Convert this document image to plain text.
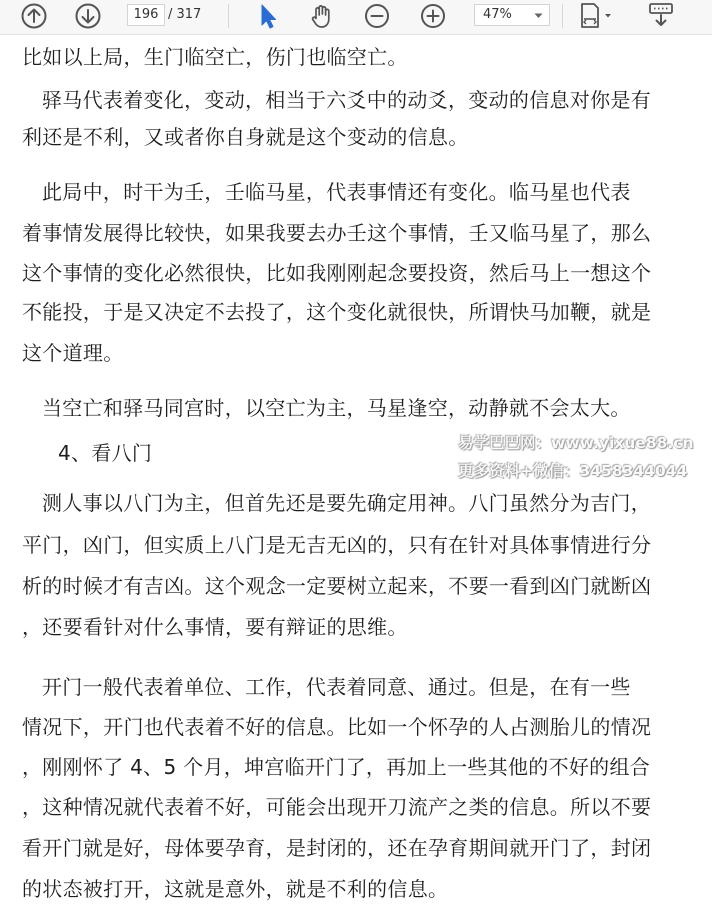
196 / 317	47%
比如以上局，生门临空亡，伤门也临空亡。
驿马代表着变化，变动，相当于六爻中的动爻，变动的信息对你是有
利还是不利，又或者你自身就是这个变动的信息。
此局中，时干为壬，壬临马星，代表事情还有变化。临马星也代表
着事情发展得比较快，如果我要去办壬这个事情，壬又临马星了，那么
这个事情的变化必然很快，比如我刚刚起念要投资，然后马上一想这个
不能投，于是又决定不去投了，这个变化就很快，所谓快马加鞭，就是
这个道理。
当空亡和驿马同宫时，以空亡为主，马星逢空，动静就不会太大。
4、看八门
测人事以八门为主，但首先还是要先确定用神。八门虽然分为吉门，
平门，凶门，但实质上八门是无吉无凶的，只有在针对具体事情进行分
析的时候才有吉凶。这个观念一定要树立起来，不要一看到凶门就断凶
，还要看针对什么事情，要有辩证的思维。
开门一般代表着单位、工作，代表着同意、通过。但是，在有一些
情况下，开门也代表着不好的信息。比如一个怀孕的人占测胎儿的情况
，刚刚怀了 4、5 个月，坤宫临开门了，再加上一些其他的不好的组合
，这种情况就代表着不好，可能会出现开刀流产之类的信息。所以不要
看开门就是好，母体要孕育，是封闭的，还在孕育期间就开门了，封闭
的状态被打开，这就是意外，就是不利的信息。
易学巴巴网：www.yixue88.cn
更多资料+微信：3458344044
